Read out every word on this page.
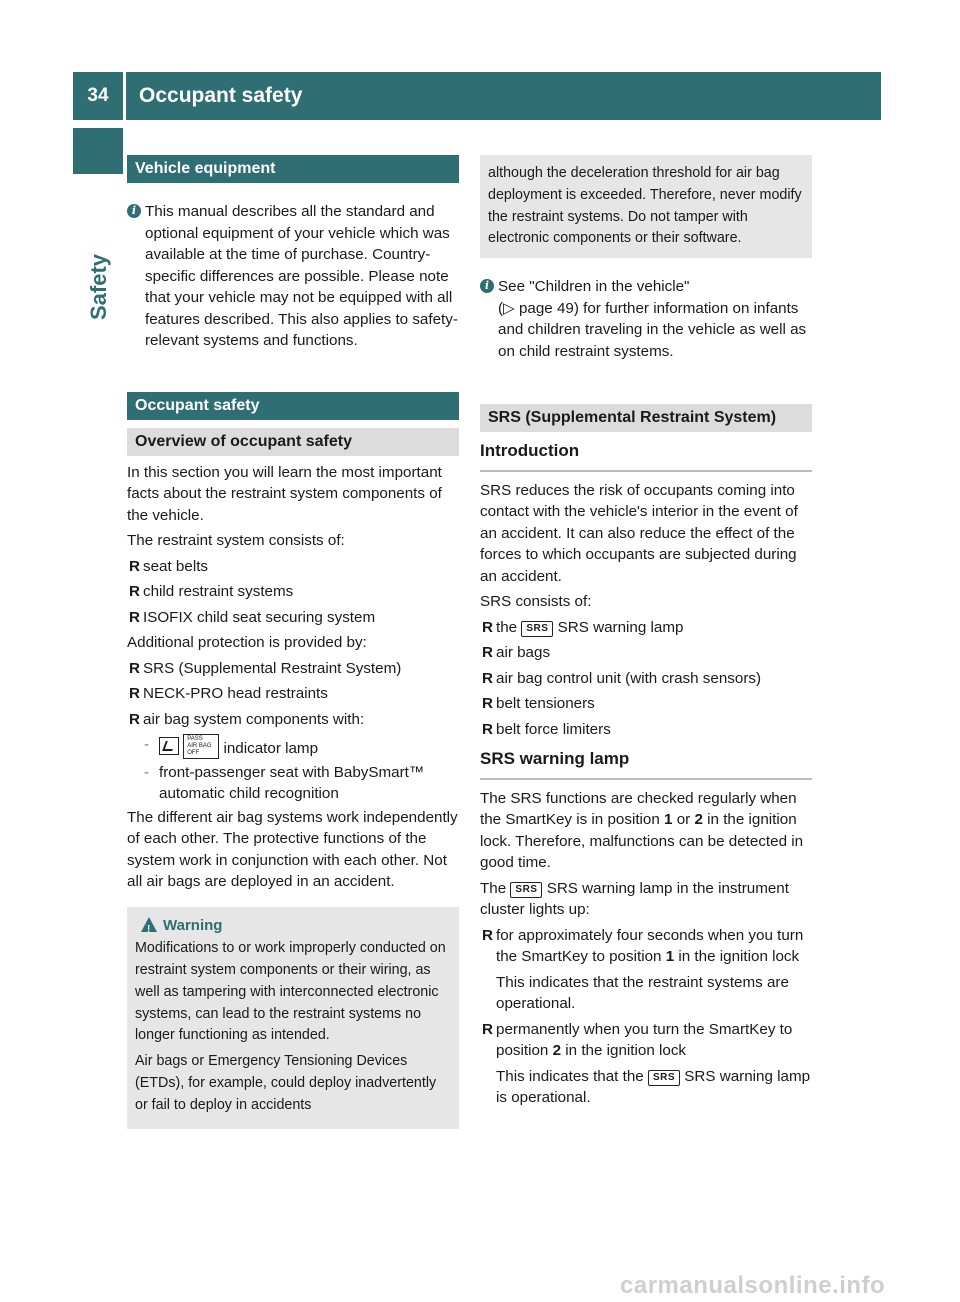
34	Occupant safety
Safety
Vehicle equipment
i This manual describes all the standard and optional equipment of your vehicle which was available at the time of purchase. Country-specific differences are possible. Please note that your vehicle may not be equipped with all features described. This also applies to safety-relevant systems and functions.
Occupant safety
Overview of occupant safety

In this section you will learn the most important facts about the restraint system components of the vehicle.

The restraint system consists of:

R seat belts
R child restraint systems
R ISOFIX child seat securing system

Additional protection is provided by:

R SRS (Supplemental Restraint System)
R NECK-PRO head restraints
R air bag system components with:
-	PASS
AIR BAG OFF indicator lamp
- front-passenger seat with BabySmart™ automatic child recognition

The different air bag systems work independently of each other. The protective functions of the system work in conjunction with each other. Not all air bags are deployed in an accident.

!Warning

Modifications to or work improperly conducted on restraint system components or their wiring, as well as tampering with interconnected electronic systems, can lead to the restraint systems no longer functioning as intended.

Air bags or Emergency Tensioning Devices (ETDs), for example, could deploy inadvertently or fail to deploy in accidents

although the deceleration threshold for air bag deployment is exceeded. Therefore, never modify the restraint systems. Do not tamper with electronic components or their software.

i See "Children in the vehicle"
(▷ page 49) for further information on infants and children traveling in the vehicle as well as on child restraint systems.
SRS (Supplemental Restraint System)
Introduction

SRS reduces the risk of occupants coming into contact with the vehicle's interior in the event of an accident. It can also reduce the effect of the forces to which occupants are subjected during an accident.

SRS consists of:

R the SRS SRS warning lamp
R air bags
R air bag control unit (with crash sensors)
R belt tensioners
R belt force limiters
SRS warning lamp

The SRS functions are checked regularly when the SmartKey is in position 1 or 2 in the ignition lock. Therefore, malfunctions can be detected in good time.

The SRS SRS warning lamp in the instrument cluster lights up:

R for approximately four seconds when you turn the SmartKey to position 1 in the ignition lock
This indicates that the restraint systems are operational.
R permanently when you turn the SmartKey to position 2 in the ignition lock
This indicates that the SRS SRS warning lamp is operational.
carmanualsonline.info
